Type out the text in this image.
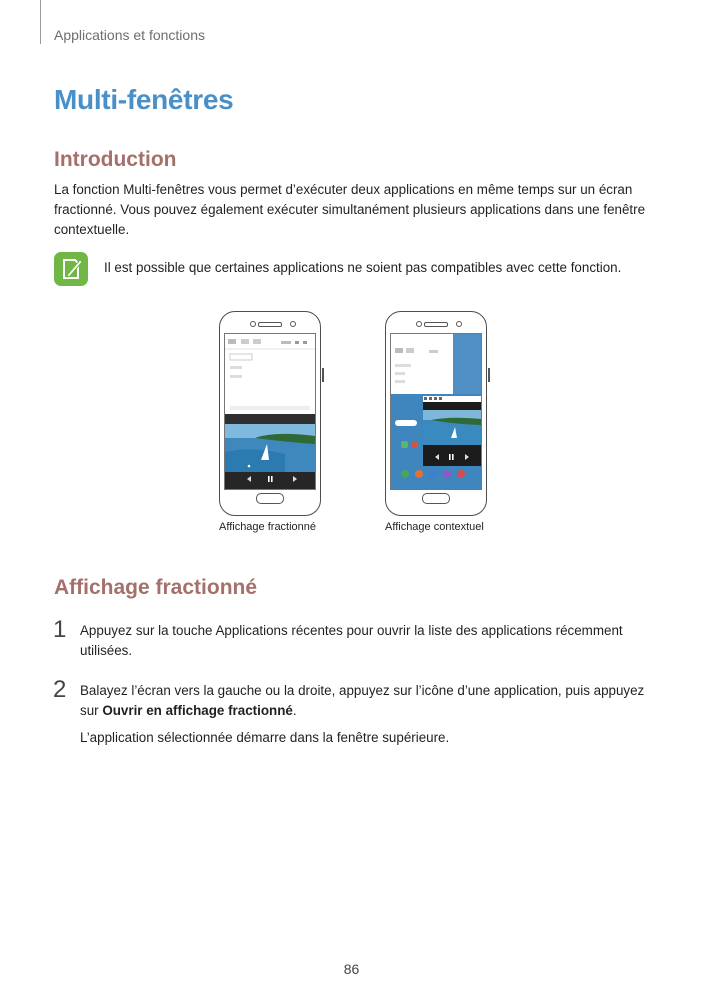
Applications et fonctions
Multi-fenêtres
Introduction

La fonction Multi-fenêtres vous permet d’exécuter deux applications en même temps sur un écran fractionné. Vous pouvez également exécuter simultanément plusieurs applications dans une fenêtre contextuelle.

Il est possible que certaines applications ne soient pas compatibles avec cette fonction.

Affichage fractionné	Affichage contextuel

Affichage fractionné
1 Appuyez sur la touche Applications récentes pour ouvrir la liste des applications récemment utilisées.

2 Balayez l’écran vers la gauche ou la droite, appuyez sur l’icône d’une application, puis appuyez sur Ouvrir en affichage fractionné.

L’application sélectionnée démarre dans la fenêtre supérieure.

86
